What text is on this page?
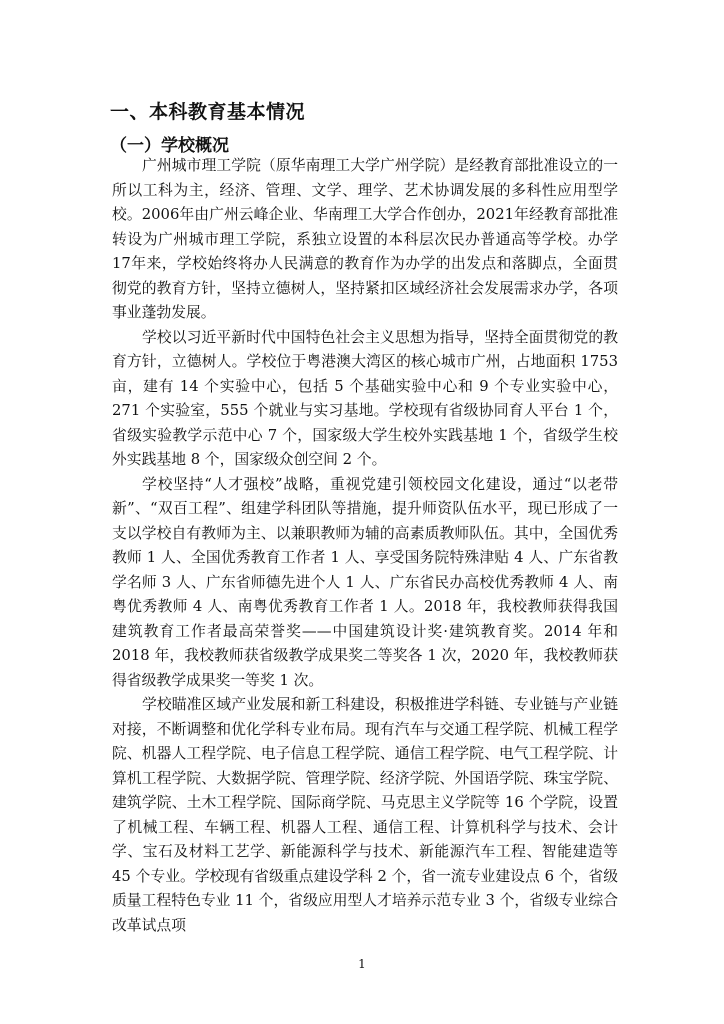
一、本科教育基本情况
（一）学校概况

广州城市理工学院（原华南理工大学广州学院）是经教育部批准设立的一所以工科为主，经济、管理、文学、理学、艺术协调发展的多科性应用型学校。2006年由广州云峰企业、华南理工大学合作创办，2021年经教育部批准转设为广州城市理工学院，系独立设置的本科层次民办普通高等学校。办学17年来，学校始终将办人民满意的教育作为办学的出发点和落脚点，全面贯彻党的教育方针，坚持立德树人，坚持紧扣区域经济社会发展需求办学，各项事业蓬勃发展。

学校以习近平新时代中国特色社会主义思想为指导，坚持全面贯彻党的教育方针，立德树人。学校位于粤港澳大湾区的核心城市广州，占地面积 1753 亩，建有 14 个实验中心，包括 5 个基础实验中心和 9 个专业实验中心，271 个实验室，555 个就业与实习基地。学校现有省级协同育人平台 1 个，省级实验教学示范中心 7 个，国家级大学生校外实践基地 1 个，省级学生校外实践基地 8 个，国家级众创空间 2 个。

学校坚持“人才强校”战略，重视党建引领校园文化建设，通过“以老带新”、“双百工程”、组建学科团队等措施，提升师资队伍水平，现已形成了一支以学校自有教师为主、以兼职教师为辅的高素质教师队伍。其中，全国优秀教师 1 人、全国优秀教育工作者 1 人、享受国务院特殊津贴 4 人、广东省教学名师 3 人、广东省师德先进个人 1 人、广东省民办高校优秀教师 4 人、南粤优秀教师 4 人、南粤优秀教育工作者 1 人。2018 年，我校教师获得我国建筑教育工作者最高荣誉奖——中国建筑设计奖·建筑教育奖。2014 年和 2018 年，我校教师获省级教学成果奖二等奖各 1 次，2020 年，我校教师获得省级教学成果奖一等奖 1 次。

学校瞄准区域产业发展和新工科建设，积极推进学科链、专业链与产业链对接，不断调整和优化学科专业布局。现有汽车与交通工程学院、机械工程学院、机器人工程学院、电子信息工程学院、通信工程学院、电气工程学院、计算机工程学院、大数据学院、管理学院、经济学院、外国语学院、珠宝学院、建筑学院、土木工程学院、国际商学院、马克思主义学院等 16 个学院，设置了机械工程、车辆工程、机器人工程、通信工程、计算机科学与技术、会计学、宝石及材料工艺学、新能源科学与技术、新能源汽车工程、智能建造等 45 个专业。学校现有省级重点建设学科 2 个，省一流专业建设点 6 个，省级质量工程特色专业 11 个，省级应用型人才培养示范专业 3 个，省级专业综合改革试点项

1
